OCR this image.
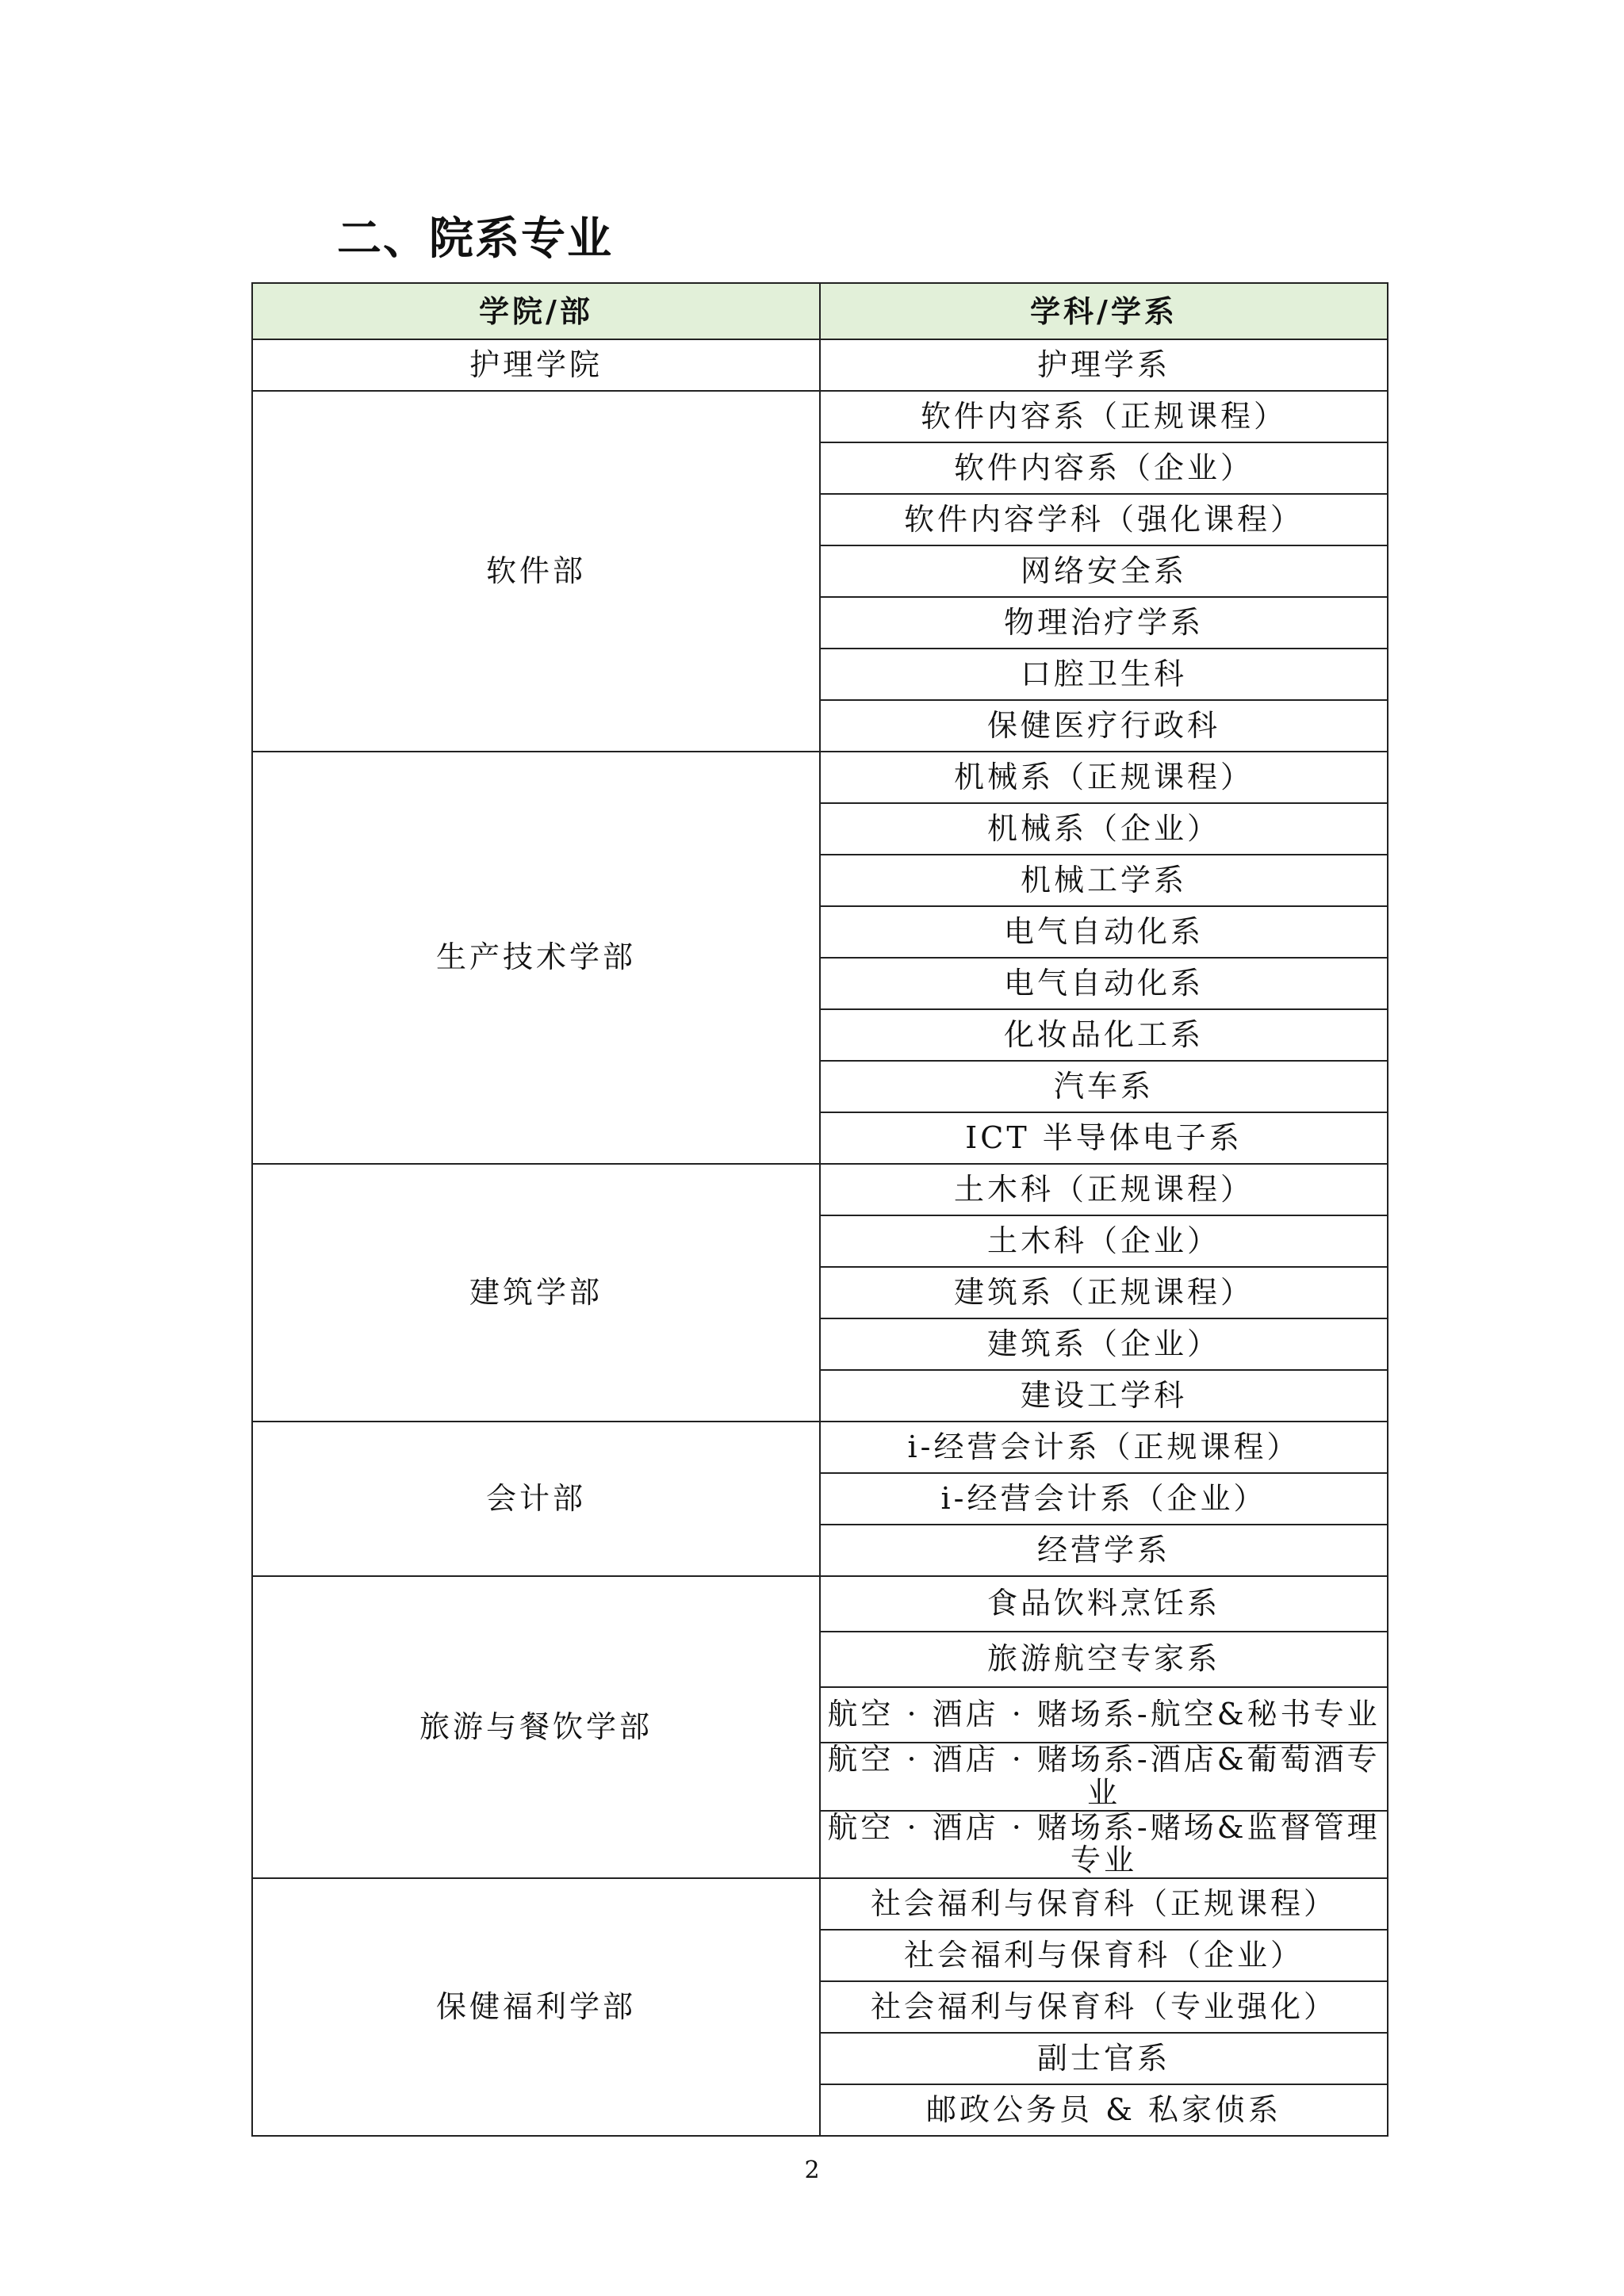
二、院系专业
学院/部	学科/学系
护理学院	护理学系
软件部	软件内容系（正规课程）
	软件内容系（企业）
	软件内容学科（强化课程）
	网络安全系
	物理治疗学系
	口腔卫生科
	保健医疗行政科
生产技术学部	机械系（正规课程）
	机械系（企业）
	机械工学系
	电气自动化系
	电气自动化系
	化妆品化工系
	汽车系
	ICT 半导体电子系
建筑学部	土木科（正规课程）
	土木科（企业）
	建筑系（正规课程）
	建筑系（企业）
	建设工学科
会计部	i-经营会计系（正规课程）
	i-经营会计系（企业）
	经营学系
旅游与餐饮学部	食品饮料烹饪系
	旅游航空专家系
	航空 · 酒店 · 赌场系-航空&秘书专业
	航空 · 酒店 · 赌场系-酒店&葡萄酒专业
	航空 · 酒店 · 赌场系-赌场&监督管理专业
保健福利学部	社会福利与保育科（正规课程）
	社会福利与保育科（企业）
	社会福利与保育科（专业强化）
	副士官系
	邮政公务员 & 私家侦系
2
